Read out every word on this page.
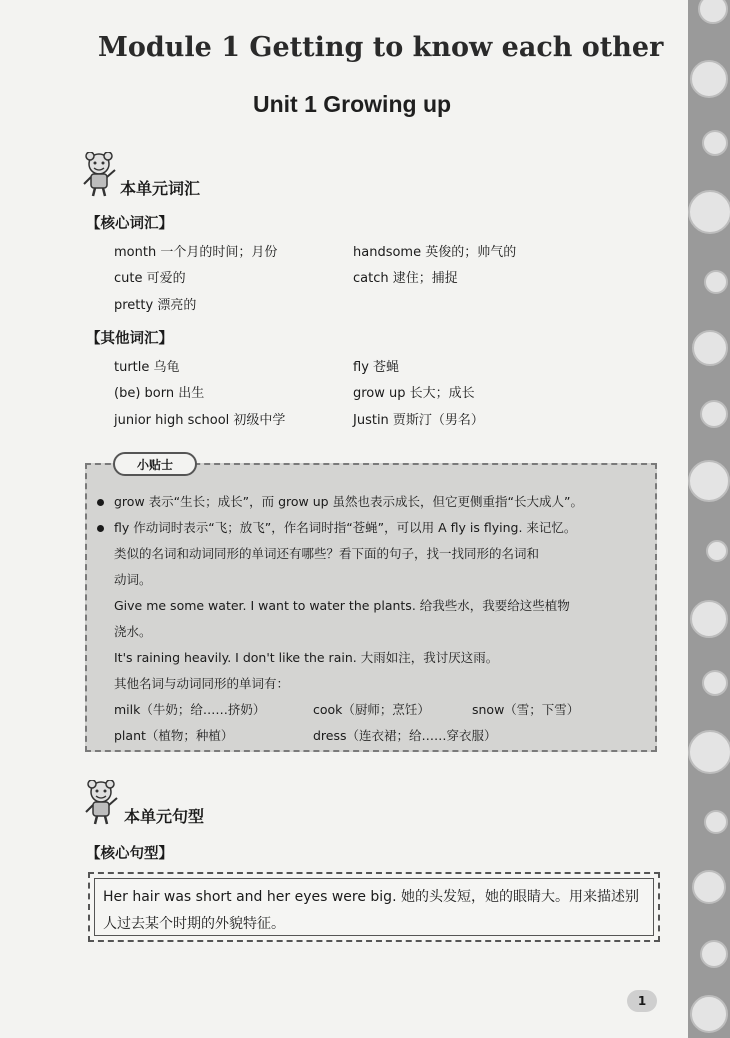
Module 1 Getting to know each other
Unit 1 Growing up
本单元词汇
【核心词汇】
month 一个月的时间；月份	handsome 英俊的；帅气的
cute 可爱的	catch 逮住；捕捉
pretty 漂亮的
【其他词汇】
turtle 乌龟	fly 苍蝇
(be) born 出生	grow up 长大；成长
junior high school 初级中学	Justin 贾斯汀（男名）
小贴士
grow 表示“生长；成长”，而 grow up 虽然也表示成长，但它更侧重指“长大成人”。
fly 作动词时表示“飞；放飞”，作名词时指“苍蝇”，可以用 A fly is flying. 来记忆。
类似的名词和动词同形的单词还有哪些？看下面的句子，找一找同形的名词和
动词。
Give me some water. I want to water the plants. 给我些水，我要给这些植物
浇水。
It's raining heavily. I don't like the rain. 大雨如注，我讨厌这雨。
其他名词与动词同形的单词有：
milk（牛奶；给……挤奶）	cook（厨师；烹饪）	snow（雪；下雪）
plant（植物；种植）	dress（连衣裙；给……穿衣服）
本单元句型
【核心句型】
Her hair was short and her eyes were big. 她的头发短，她的眼睛大。用来描述别
人过去某个时期的外貌特征。
1
